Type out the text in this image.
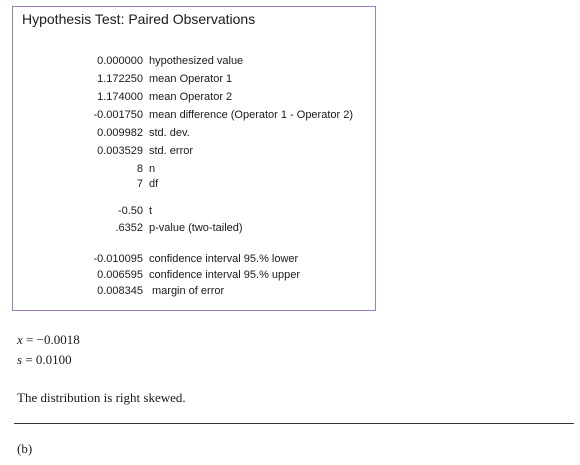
Hypothesis Test: Paired Observations
0.000000 hypothesized value
1.172250 mean Operator 1
1.174000 mean Operator 2
-0.001750 mean difference (Operator 1 - Operator 2)
0.009982 std. dev.
0.003529 std. error
8 n
7 df
-0.50 t
.6352 p-value (two-tailed)
-0.010095 confidence interval 95.% lower
0.006595 confidence interval 95.% upper
0.008345 margin of error
x = −0.0018
s = 0.0100
The distribution is right skewed.
(b)
